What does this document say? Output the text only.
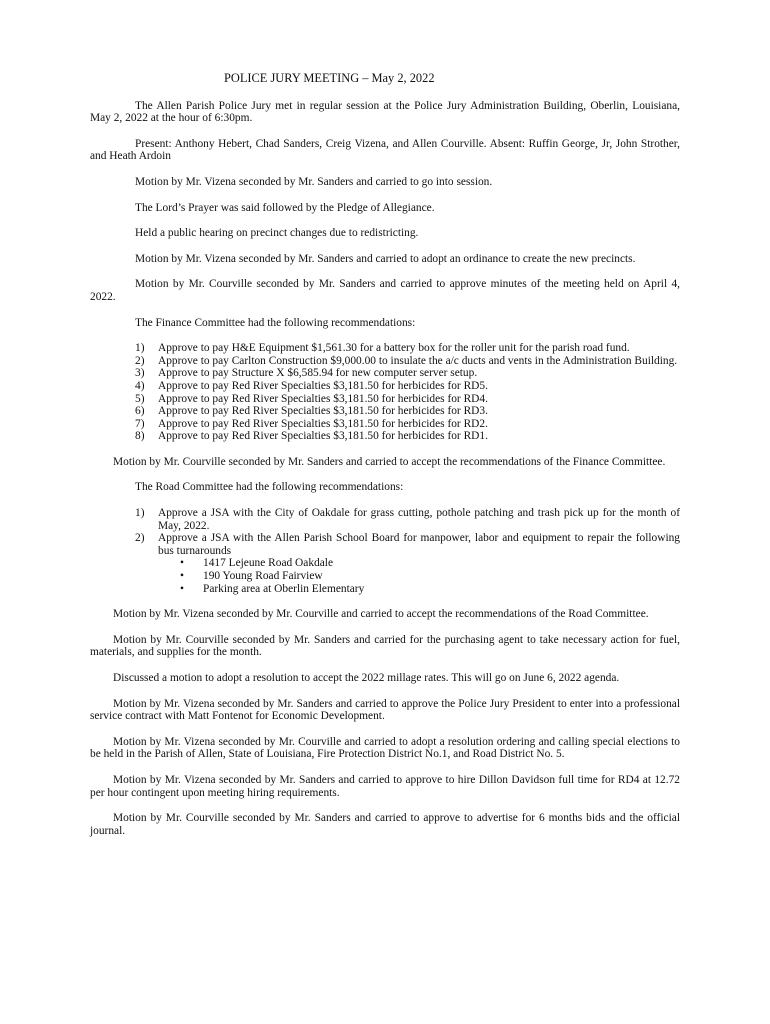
POLICE JURY MEETING – May 2, 2022

The Allen Parish Police Jury met in regular session at the Police Jury Administration Building, Oberlin, Louisiana, May 2, 2022 at the hour of 6:30pm.

Present: Anthony Hebert, Chad Sanders, Creig Vizena, and Allen Courville. Absent: Ruffin George, Jr, John Strother, and Heath Ardoin

Motion by Mr. Vizena seconded by Mr. Sanders and carried to go into session.

The Lord’s Prayer was said followed by the Pledge of Allegiance.

Held a public hearing on precinct changes due to redistricting.

Motion by Mr. Vizena seconded by Mr. Sanders and carried to adopt an ordinance to create the new precincts.

Motion by Mr. Courville seconded by Mr. Sanders and carried to approve minutes of the meeting held on April 4, 2022.

The Finance Committee had the following recommendations:

1) Approve to pay H&E Equipment $1,561.30 for a battery box for the roller unit for the parish road fund.
2) Approve to pay Carlton Construction $9,000.00 to insulate the a/c ducts and vents in the Administration Building.
3) Approve to pay Structure X $6,585.94 for new computer server setup.
4) Approve to pay Red River Specialties $3,181.50 for herbicides for RD5.
5) Approve to pay Red River Specialties $3,181.50 for herbicides for RD4.
6) Approve to pay Red River Specialties $3,181.50 for herbicides for RD3.
7) Approve to pay Red River Specialties $3,181.50 for herbicides for RD2.
8) Approve to pay Red River Specialties $3,181.50 for herbicides for RD1.

Motion by Mr. Courville seconded by Mr. Sanders and carried to accept the recommendations of the Finance Committee.

The Road Committee had the following recommendations:

1) Approve a JSA with the City of Oakdale for grass cutting, pothole patching and trash pick up for the month of May, 2022.
2) Approve a JSA with the Allen Parish School Board for manpower, labor and equipment to repair the following bus turnarounds
• 1417 Lejeune Road Oakdale
• 190 Young Road Fairview
• Parking area at Oberlin Elementary

Motion by Mr. Vizena seconded by Mr. Courville and carried to accept the recommendations of the Road Committee.

Motion by Mr. Courville seconded by Mr. Sanders and carried for the purchasing agent to take necessary action for fuel, materials, and supplies for the month.

Discussed a motion to adopt a resolution to accept the 2022 millage rates. This will go on June 6, 2022 agenda.

Motion by Mr. Vizena seconded by Mr. Sanders and carried to approve the Police Jury President to enter into a professional service contract with Matt Fontenot for Economic Development.

Motion by Mr. Vizena seconded by Mr. Courville and carried to adopt a resolution ordering and calling special elections to be held in the Parish of Allen, State of Louisiana, Fire Protection District No.1, and Road District No. 5.

Motion by Mr. Vizena seconded by Mr. Sanders and carried to approve to hire Dillon Davidson full time for RD4 at 12.72 per hour contingent upon meeting hiring requirements.

Motion by Mr. Courville seconded by Mr. Sanders and carried to approve to advertise for 6 months bids and the official journal.
